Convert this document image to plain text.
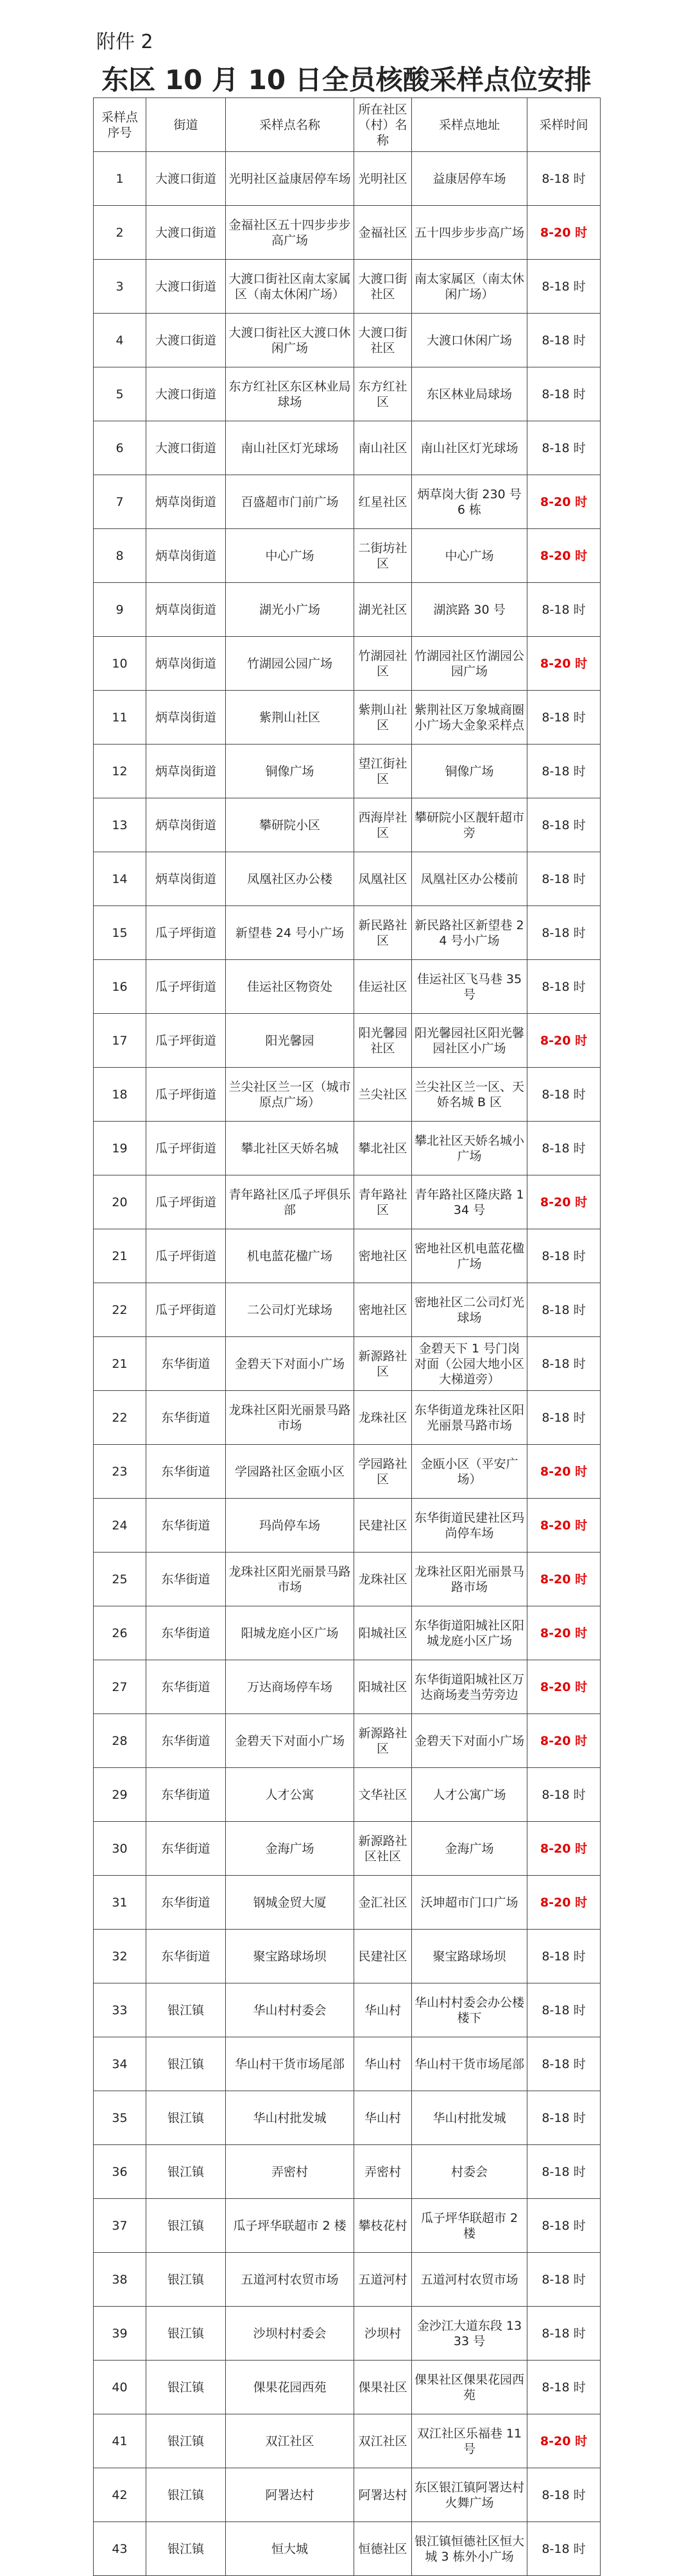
附件 2
东区 10 月 10 日全员核酸采样点位安排
采样点序号	街道	采样点名称	所在社区（村）名称	采样点地址	采样时间
1	大渡口街道	光明社区益康居停车场	光明社区	益康居停车场	8-18 时
2	大渡口街道	金福社区五十四步步步高广场	金福社区	五十四步步步高广场	8-20 时
3	大渡口街道	大渡口街社区南太家属区（南太休闲广场）	大渡口街社区	南太家属区（南太休闲广场）	8-18 时
4	大渡口街道	大渡口街社区大渡口休闲广场	大渡口街社区	大渡口休闲广场	8-18 时
5	大渡口街道	东方红社区东区林业局球场	东方红社区	东区林业局球场	8-18 时
6	大渡口街道	南山社区灯光球场	南山社区	南山社区灯光球场	8-18 时
7	炳草岗街道	百盛超市门前广场	红星社区	炳草岗大街 230 号 6 栋	8-20 时
8	炳草岗街道	中心广场	二街坊社区	中心广场	8-20 时
9	炳草岗街道	湖光小广场	湖光社区	湖滨路 30 号	8-18 时
10	炳草岗街道	竹湖园公园广场	竹湖园社区	竹湖园社区竹湖园公园广场	8-20 时
11	炳草岗街道	紫荆山社区	紫荆山社区	紫荆社区万象城商圈小广场大金象采样点	8-18 时
12	炳草岗街道	铜像广场	望江街社区	铜像广场	8-18 时
13	炳草岗街道	攀研院小区	西海岸社区	攀研院小区靓轩超市旁	8-18 时
14	炳草岗街道	凤凰社区办公楼	凤凰社区	凤凰社区办公楼前	8-18 时
15	瓜子坪街道	新望巷 24 号小广场	新民路社区	新民路社区新望巷 24 号小广场	8-18 时
16	瓜子坪街道	佳运社区物资处	佳运社区	佳运社区飞马巷 35 号	8-18 时
17	瓜子坪街道	阳光馨园	阳光馨园社区	阳光馨园社区阳光馨园社区小广场	8-20 时
18	瓜子坪街道	兰尖社区兰一区（城市原点广场）	兰尖社区	兰尖社区兰一区、天娇名城 B 区	8-18 时
19	瓜子坪街道	攀北社区天娇名城	攀北社区	攀北社区天娇名城小广场	8-18 时
20	瓜子坪街道	青年路社区瓜子坪俱乐部	青年路社区	青年路社区隆庆路 134 号	8-20 时
21	瓜子坪街道	机电蓝花楹广场	密地社区	密地社区机电蓝花楹广场	8-18 时
22	瓜子坪街道	二公司灯光球场	密地社区	密地社区二公司灯光球场	8-18 时
21	东华街道	金碧天下对面小广场	新源路社区	金碧天下 1 号门岗对面（公园大地小区大梯道旁）	8-18 时
22	东华街道	龙珠社区阳光丽景马路市场	龙珠社区	东华街道龙珠社区阳光丽景马路市场	8-18 时
23	东华街道	学园路社区金瓯小区	学园路社区	金瓯小区（平安广场）	8-20 时
24	东华街道	玛尚停车场	民建社区	东华街道民建社区玛尚停车场	8-20 时
25	东华街道	龙珠社区阳光丽景马路市场	龙珠社区	龙珠社区阳光丽景马路市场	8-20 时
26	东华街道	阳城龙庭小区广场	阳城社区	东华街道阳城社区阳城龙庭小区广场	8-20 时
27	东华街道	万达商场停车场	阳城社区	东华街道阳城社区万达商场麦当劳旁边	8-20 时
28	东华街道	金碧天下对面小广场	新源路社区	金碧天下对面小广场	8-20 时
29	东华街道	人才公寓	文华社区	人才公寓广场	8-18 时
30	东华街道	金海广场	新源路社区社区	金海广场	8-20 时
31	东华街道	钢城金贸大厦	金汇社区	沃坤超市门口广场	8-20 时
32	东华街道	聚宝路球场坝	民建社区	聚宝路球场坝	8-18 时
33	银江镇	华山村村委会	华山村	华山村村委会办公楼楼下	8-18 时
34	银江镇	华山村干货市场尾部	华山村	华山村干货市场尾部	8-18 时
35	银江镇	华山村批发城	华山村	华山村批发城	8-18 时
36	银江镇	弄密村	弄密村	村委会	8-18 时
37	银江镇	瓜子坪华联超市 2 楼	攀枝花村	瓜子坪华联超市 2 楼	8-18 时
38	银江镇	五道河村农贸市场	五道河村	五道河村农贸市场	8-18 时
39	银江镇	沙坝村村委会	沙坝村	金沙江大道东段 1333 号	8-18 时
40	银江镇	倮果花园西苑	倮果社区	倮果社区倮果花园西苑	8-18 时
41	银江镇	双江社区	双江社区	双江社区乐福巷 11 号	8-20 时
42	银江镇	阿署达村	阿署达村	东区银江镇阿署达村火舞广场	8-18 时
43	银江镇	恒大城	恒德社区	银江镇恒德社区恒大城 3 栋外小广场	8-18 时
